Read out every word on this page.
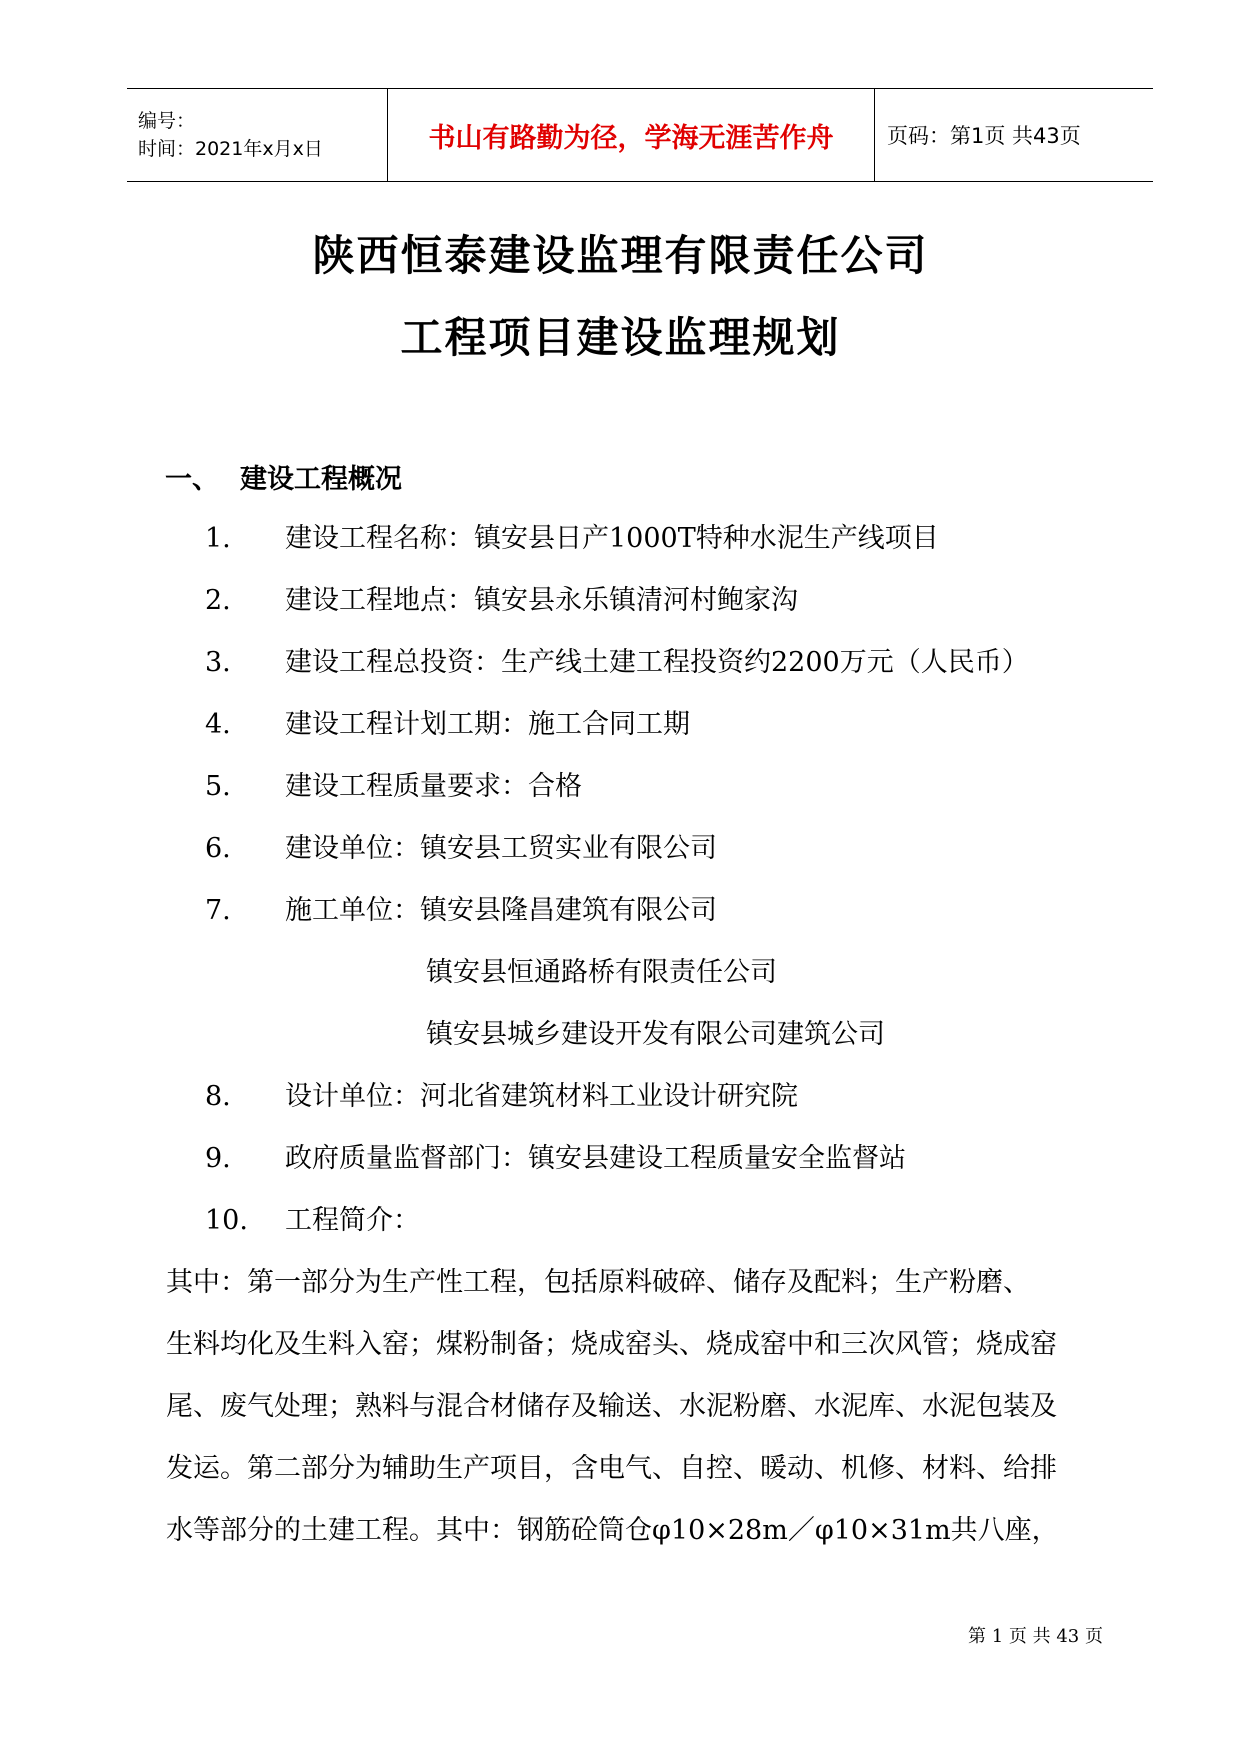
编号：
时间：2021年x月x日	书山有路勤为径，学海无涯苦作舟	页码：第1页 共43页
陕西恒泰建设监理有限责任公司
工程项目建设监理规划
一、 建设工程概况
1. 建设工程名称：镇安县日产1000T特种水泥生产线项目
2. 建设工程地点：镇安县永乐镇清河村鲍家沟
3. 建设工程总投资：生产线土建工程投资约2200万元（人民币）
4. 建设工程计划工期：施工合同工期
5. 建设工程质量要求：合格
6. 建设单位：镇安县工贸实业有限公司
7. 施工单位：镇安县隆昌建筑有限公司
镇安县恒通路桥有限责任公司
镇安县城乡建设开发有限公司建筑公司
8. 设计单位：河北省建筑材料工业设计研究院
9. 政府质量监督部门：镇安县建设工程质量安全监督站
10. 工程简介：
其中：第一部分为生产性工程，包括原料破碎、储存及配料；生产粉磨、
生料均化及生料入窑；煤粉制备；烧成窑头、烧成窑中和三次风管；烧成窑
尾、废气处理；熟料与混合材储存及输送、水泥粉磨、水泥库、水泥包装及
发运。第二部分为辅助生产项目，含电气、自控、暖动、机修、材料、给排
水等部分的土建工程。其中：钢筋砼筒仓φ10×28m／φ10×31m共八座，
第 1 页 共 43 页
